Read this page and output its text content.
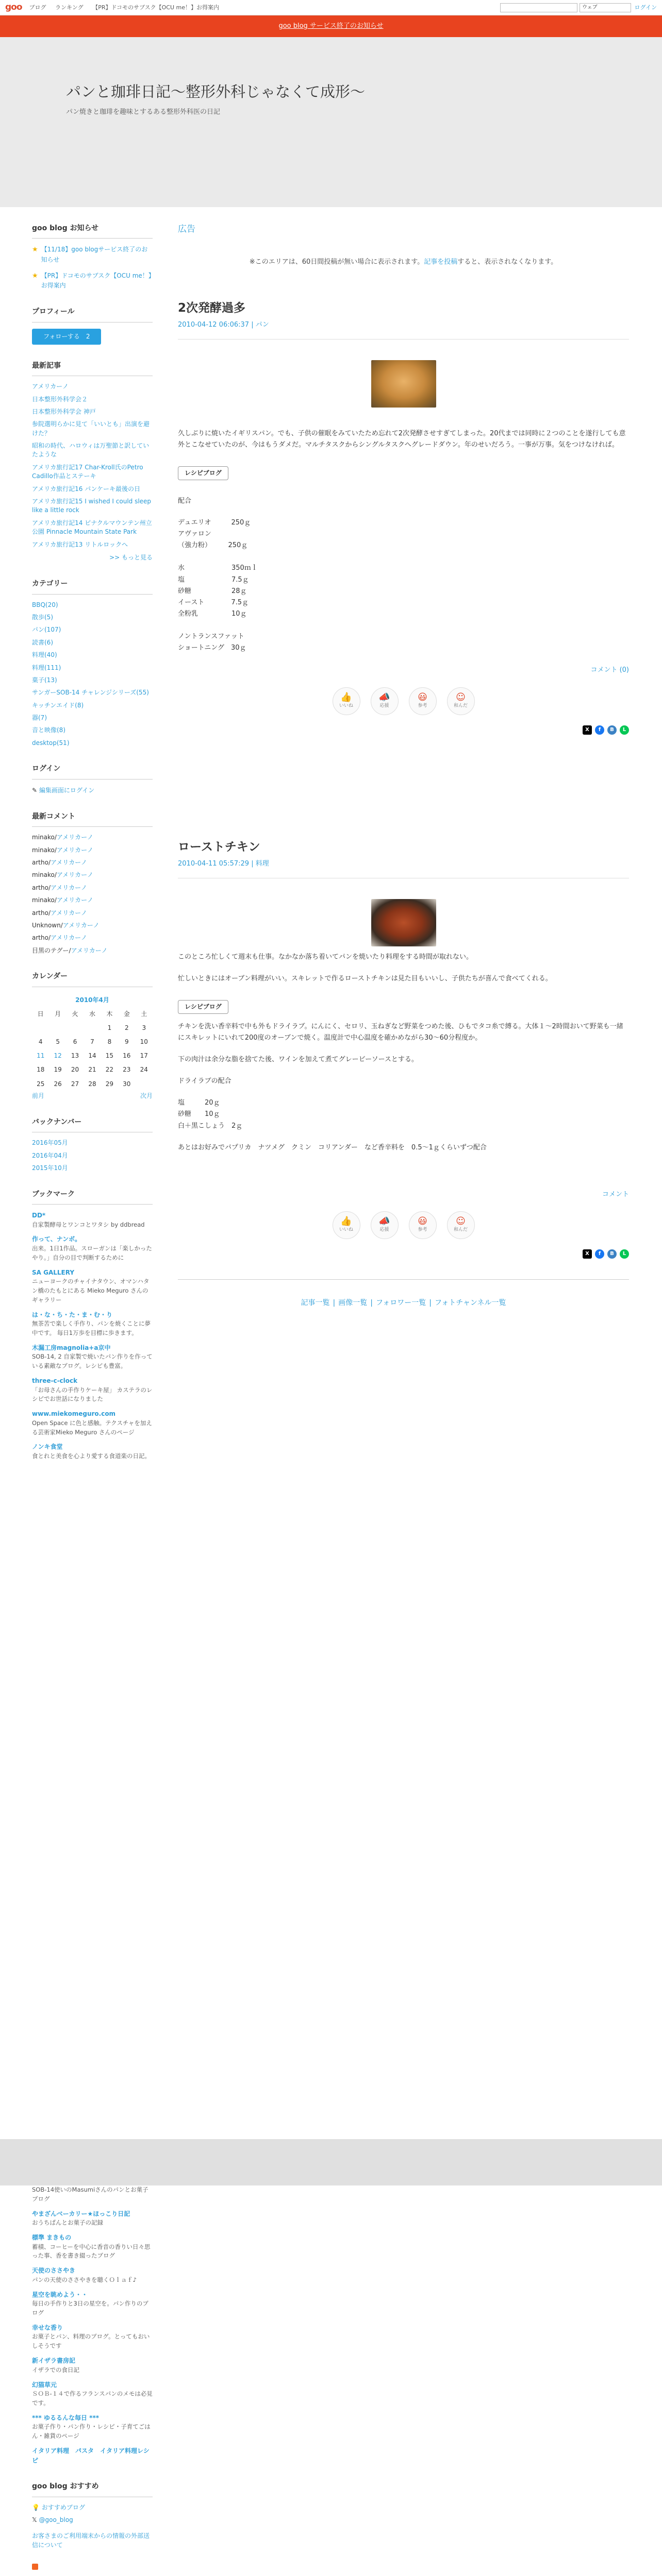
goo ブログ ランキング 【PR】ドコモのサブスク【OCU me！】お得案内	ウェブ	ログイン
goo blog サービス終了のお知らせ
パンと珈琲日記〜整形外科じゃなくて成形〜
パン焼きと珈琲を趣味とするある整形外科医の日記
goo blog お知らせ
★ 【11/18】goo blogサービス終了のお知らせ
★ 【PR】ドコモのサブスク【OCU me！】お得案内
プロフィール
フォローする　 2
最新記事
アメリカーノ
日本整形外科学会２
日本整形外科学会 神戸
参院選明らかに見て「いいとも」出演を避けた？
昭和の時代、ハロウィは万聖節と訳していたような
アメリカ旅行記17 Char-Kroll氏のPetro Cadillo作品とステーキ
アメリカ旅行記16 パンケーキ最後の日
アメリカ旅行記15 I wished I could sleep like a little rock
アメリカ旅行記14 ピナクルマウンテン州立公園 Pinnacle Mountain State Park
アメリカ旅行記13 リトルロックへ
>> もっと見る
カテゴリー
BBQ(20)
散歩(5)
パン(107)
読書(6)
料理(40)
料理(111)
菓子(13)
サンガーSOB-14 チャレンジシリーズ(55)
キッチンエイド(8)
器(7)
音と映像(8)
desktop(51)
ログイン
✎ 編集画面にログイン
最新コメント
minako/アメリカーノ
minako/アメリカーノ
artho/アメリカーノ
minako/アメリカーノ
artho/アメリカーノ
minako/アメリカーノ
artho/アメリカーノ
Unknown/アメリカーノ
artho/アメリカーノ
目黒のテグー/アメリカーノ
カレンダー
2010年4月						
日	月	火	水	木	金	土
				1	2	3
4	5	6	7	8	9	10
11	12	13	14	15	16	17
18	19	20	21	22	23	24
25	26	27	28	29	30	
前月	次月
バックナンバー
2016年05月
2016年04月
2015年10月
ブックマーク
DD*
自家製酵母とワンコとワタシ by ddbread
作って、ナンボ。
出来。1日1作品。スローガンは「楽しかったやり。」自分の目で判断するために
SA GALLERY
ニューヨークのチャイナタウン、オマンハタン橋のたもとにある Mieko Meguro さんのギャラリー
は・な・ち・た・ま・む・り
無茶苦で楽しく手作り、パンを焼くことに夢中です。 毎日1万歩を目標に歩きます。
木漏工房magnolia+a京中
SOB-14, 2 自家製で焼いたパン作りを作っている素敵なブログ。レシピも豊富。
three-c-clock
「お母さんの手作りケーキ屋」 カステラのレシピでお世話になりました
www.miekomeguro.com
Open Space に色と感触。テクスチャを加える芸術家Mieko Meguro さんのページ
ノンキ食堂
食とれと美食を心より愛する食道楽の日記。
広告
※このエリアは、60日間投稿が無い場合に表示されます。記事を投稿すると、表示されなくなります。
2次発酵過多
2010-04-12 06:06:37 | パン

久しぶりに焼いたイギリスパン。でも、子供の催眠をみていたため忘れて2次発酵させすぎてしまった。20代までは同時に２つのことを遂行しても意外とこなせていたのが、今はもうダメだ。マルチタスクからシングルタスクへグレードダウン。年のせいだろう。一事が万事。気をつけなければ。

レシピブログ

配合

デュエリオ　　　250ｇ
アヴァロン
（強力粉）　　　250ｇ
水　　　　　　　350ｍｌ
塩　　　　　　　7.5ｇ
砂糖　　　　　　28ｇ
イースト　　　　7.5ｇ
全粉乳　　　　　10ｇ
ノントランスファット
ショートニング　30ｇ
コメント (0)
👍
いいね
📣
応援
😃
参考
☺
和んだ
X	f	B	L
ローストチキン
2010-04-11 05:57:29 | 料理

このところ忙しくて週末も仕事。なかなか落ち着いてパンを焼いたり料理をする時間が取れない。

忙しいときにはオーブン料理がいい。スキレットで作るローストチキンは見た目もいいし、子供たちが喜んで食べてくれる。

レシピブログ

チキンを洗い香辛料で中も外もドライラブ。にんにく、セロリ、玉ねぎなど野菜をつめた後、ひもでタコ糸で縛る。大体１〜2時間おいて野菜も一緒にスキレットにいれて200度のオーブンで焼く。温度計で中心温度を確かめながら30〜60分程度か。

下の肉汁は余分な脂を捨てた後、ワインを加えて煮てグレービーソースとする。

ドライラブの配合

塩　　　20ｇ
砂糖　　10ｇ
白＋黒こしょう　2ｇ

あとはお好みでパプリカ　ナツメグ　クミン　コリアンダー　など香辛料を　0.5〜1ｇくらいずつ配合

コメント
👍
いいね
📣
応援
😃
参考
☺
和んだ
X	f	B	L
記事一覧 | 画像一覧 | フォロワー一覧 | フォトチャンネル一覧
SOB-14使いのMasumiさんのパンとお菓子ブログ
やまざんベーカリー★ほっこり日記
おうちぱんとお菓子の記録
標準 まきもの
蓄積、コーヒーを中心に香音の香りい日々思った事、香を書き綴ったブログ
天使のささやき
パンの天使のささやきを聴くＯｌａｆ♪
星空を眺めよう・・
毎日の手作りと3日の星空を。パン作りのブログ
幸せな香り
お菓子とパン、料理のブログ。とってもおいしそうです
新イザラ書房記
イザラでの食日記
幻猫草元
ＳＯＢ-１４で作るフランスパンのメモは必見です。
*** ゆるるんな毎日 ***
お菓子作り・パン作り・レシピ・子育てごはん・雑貨のページ
イタリア料理　パスタ　イタリア料理レシピ
goo blog おすすめ
💡 おすすめブログ
𝕏 @goo_blog
お客さまのご利用端末からの情報の外部送信について
